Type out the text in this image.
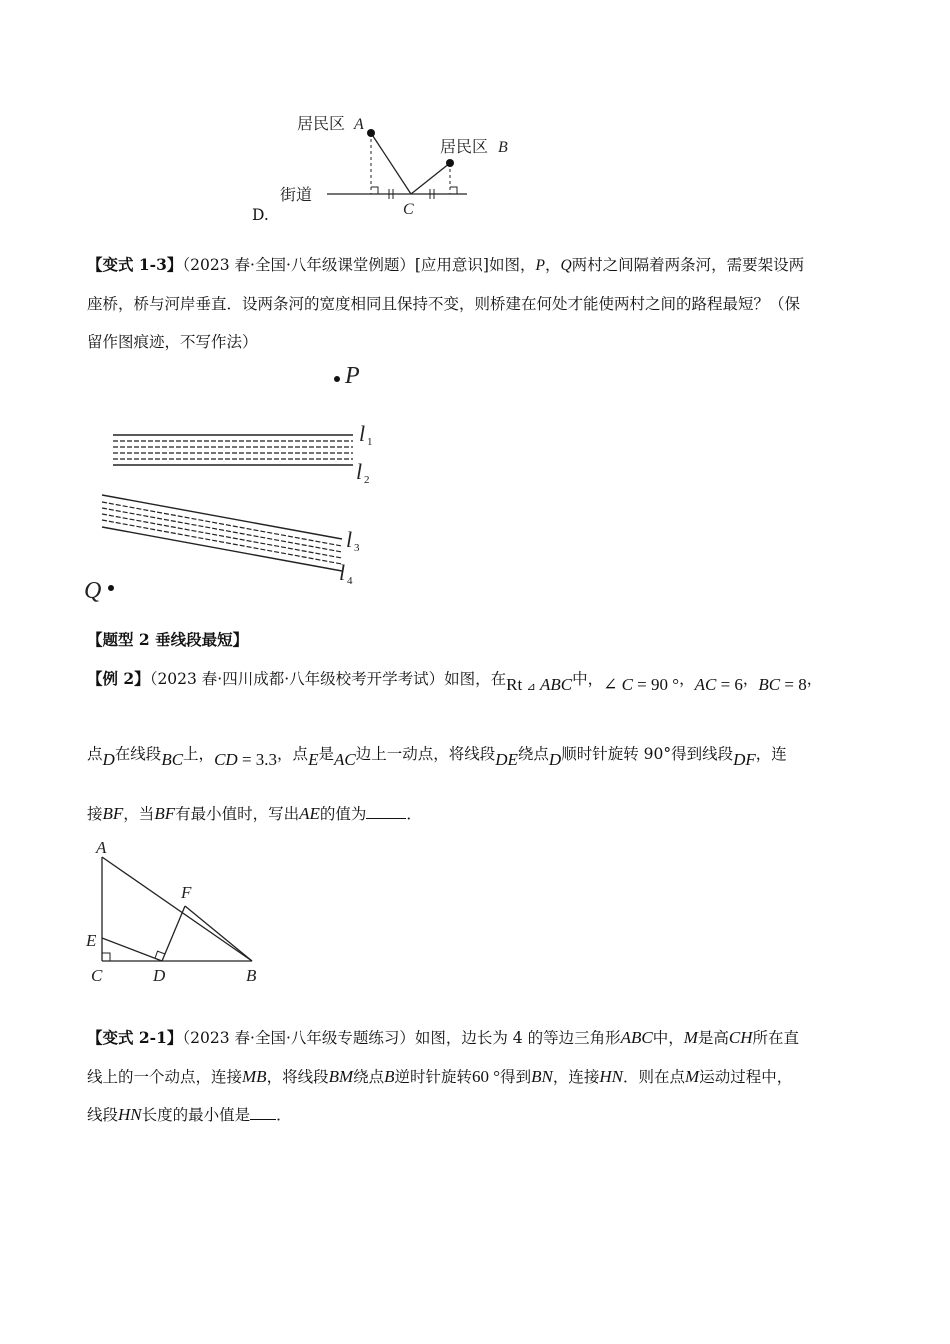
D.
居民区 A
居民区 B
街道
C
【变式 1-3】（2023 春·全国·八年级课堂例题）[应用意识]如图，P，Q两村之间隔着两条河，需要架设两
座桥，桥与河岸垂直．设两条河的宽度相同且保持不变，则桥建在何处才能使两村之间的路程最短？（保
留作图痕迹，不写作法）
P
l 1
l 2
l 3
l 4
Q
【题型 2 垂线段最短】
【例 2】（2023 春·四川成都·八年级校考开学考试）如图，在Rt ⊿ ABC中，∠ C = 90 °，AC = 6，BC = 8，
点D在线段BC上，CD = 3.3，点E是AC边上一动点，将线段DE绕点D顺时针旋转 90°得到线段DF，连
接BF，当BF有最小值时，写出AE的值为	．
A
E
C	D	B
F
【变式 2-1】（2023 春·全国·八年级专题练习）如图，边长为 4 的等边三角形ABC中，M是高CH所在直
线上的一个动点，连接MB，将线段BM绕点B逆时针旋转60 °得到BN，连接HN．则在点M运动过程中，
线段HN长度的最小值是 ．
